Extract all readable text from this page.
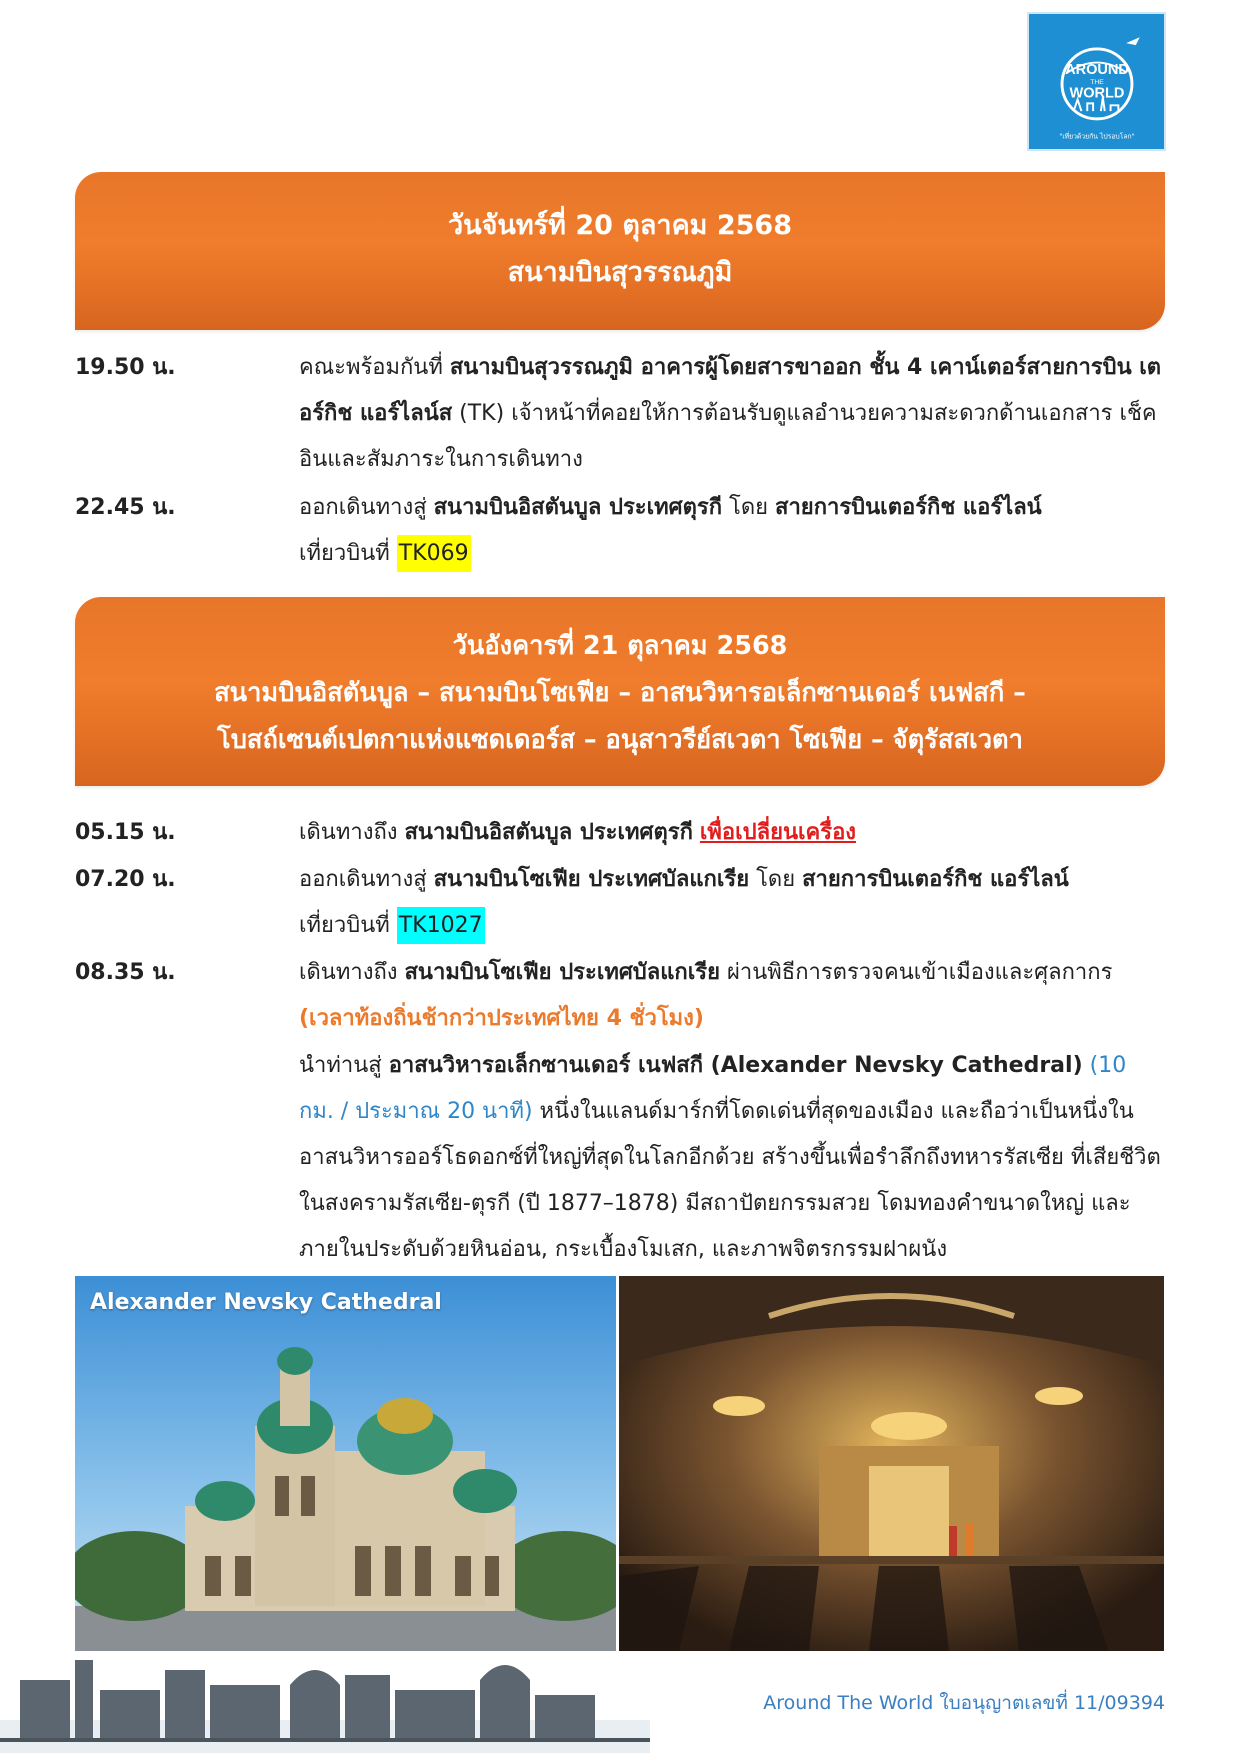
AROUND
THE
WORLD
"เที่ยวด้วยกัน ไปรอบโลก"
วันจันทร์ที่ 20 ตุลาคม 2568
สนามบินสุวรรณภูมิ
19.50 น.	คณะพร้อมกันที่ สนามบินสุวรรณภูมิ อาคารผู้โดยสารขาออก ชั้น 4 เคาน์เตอร์สายการบิน เตอร์กิช แอร์ไลน์ส (TK) เจ้าหน้าที่คอยให้การต้อนรับดูแลอำนวยความสะดวกด้านเอกสาร เช็คอินและสัมภาระในการเดินทาง
22.45 น.	ออกเดินทางสู่ สนามบินอิสตันบูล ประเทศตุรกี โดย สายการบินเตอร์กิช แอร์ไลน์
เที่ยวบินที่ TK069
วันอังคารที่ 21 ตุลาคม 2568
สนามบินอิสตันบูล – สนามบินโซเฟีย – อาสนวิหารอเล็กซานเดอร์ เนฟสกี –
โบสถ์เซนต์เปตกาแห่งแซดเดอร์ส – อนุสาวรีย์สเวตา โซเฟีย – จัตุรัสสเวตา
05.15 น.	เดินทางถึง สนามบินอิสตันบูล ประเทศตุรกี เพื่อเปลี่ยนเครื่อง
07.20 น.	ออกเดินทางสู่ สนามบินโซเฟีย ประเทศบัลแกเรีย โดย สายการบินเตอร์กิช แอร์ไลน์
เที่ยวบินที่ TK1027
08.35 น.	เดินทางถึง สนามบินโซเฟีย ประเทศบัลแกเรีย ผ่านพิธีการตรวจคนเข้าเมืองและศุลกากร
(เวลาท้องถิ่นช้ากว่าประเทศไทย 4 ชั่วโมง)
นำท่านสู่ อาสนวิหารอเล็กซานเดอร์ เนฟสกี (Alexander Nevsky Cathedral) (10 กม. / ประมาณ 20 นาที) หนึ่งในแลนด์มาร์กที่โดดเด่นที่สุดของเมือง และถือว่าเป็นหนึ่งในอาสนวิหารออร์โธดอกซ์ที่ใหญ่ที่สุดในโลกอีกด้วย สร้างขึ้นเพื่อรำลึกถึงทหารรัสเซีย ที่เสียชีวิตในสงครามรัสเซีย-ตุรกี (ปี 1877–1878) มีสถาปัตยกรรมสวย โดมทองคำขนาดใหญ่ และภายในประดับด้วยหินอ่อน, กระเบื้องโมเสก, และภาพจิตรกรรมฝาผนัง
Alexander Nevsky Cathedral
Around The World ใบอนุญาตเลขที่ 11/09394
